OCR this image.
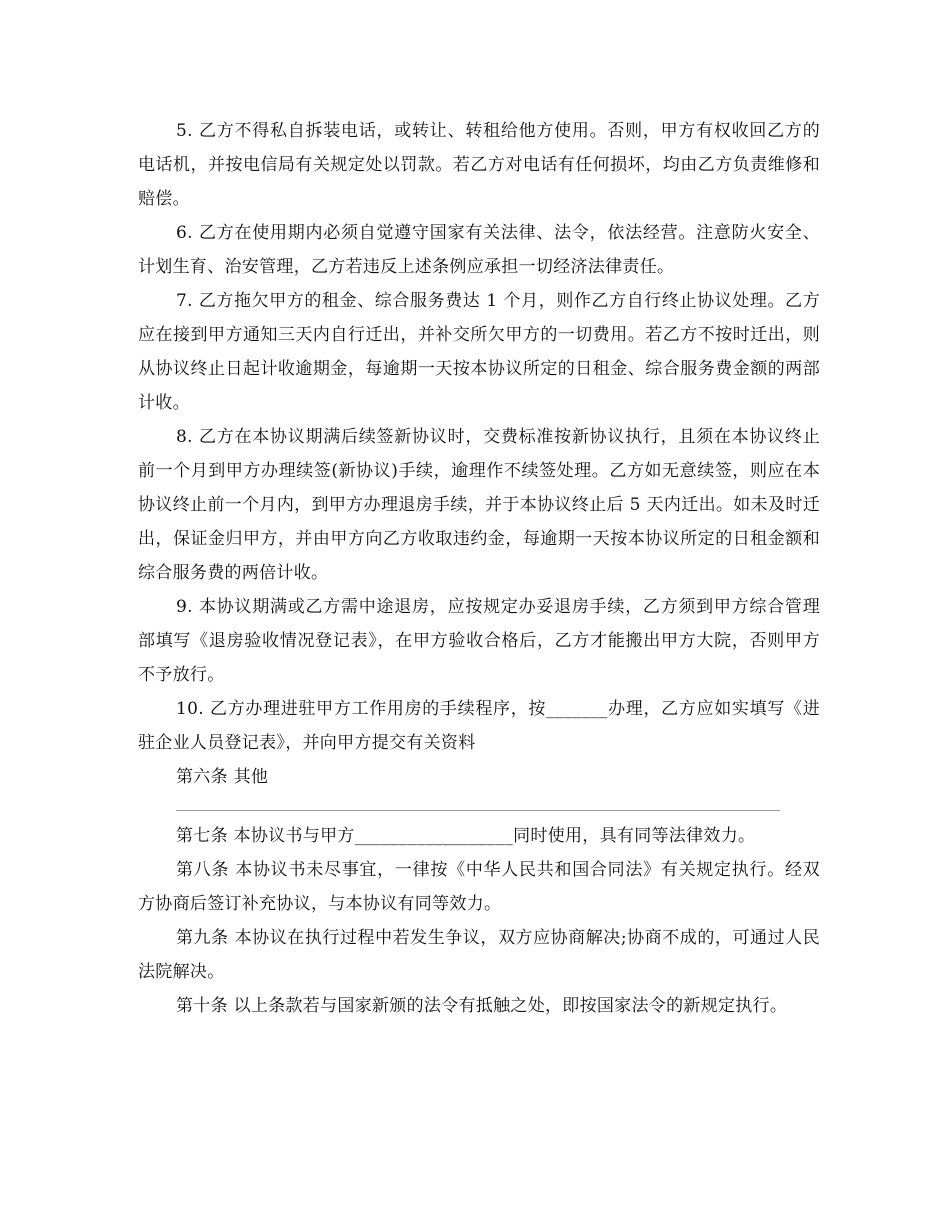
5. 乙方不得私自拆装电话，或转让、转租给他方使用。否则，甲方有权收回乙方的电话机，并按电信局有关规定处以罚款。若乙方对电话有任何损坏，均由乙方负责维修和赔偿。

6. 乙方在使用期内必须自觉遵守国家有关法律、法令，依法经营。注意防火安全、计划生育、治安管理，乙方若违反上述条例应承担一切经济法律责任。

7. 乙方拖欠甲方的租金、综合服务费达 1 个月，则作乙方自行终止协议处理。乙方应在接到甲方通知三天内自行迁出，并补交所欠甲方的一切费用。若乙方不按时迁出，则从协议终止日起计收逾期金，每逾期一天按本协议所定的日租金、综合服务费金额的两部计收。

8. 乙方在本协议期满后续签新协议时，交费标准按新协议执行，且须在本协议终止前一个月到甲方办理续签(新协议)手续，逾理作不续签处理。乙方如无意续签，则应在本协议终止前一个月内，到甲方办理退房手续，并于本协议终止后 5 天内迁出。如未及时迁出，保证金归甲方，并由甲方向乙方收取违约金，每逾期一天按本协议所定的日租金额和综合服务费的两倍计收。

9. 本协议期满或乙方需中途退房，应按规定办妥退房手续，乙方须到甲方综合管理部填写《退房验收情况登记表》，在甲方验收合格后，乙方才能搬出甲方大院，否则甲方不予放行。

10. 乙方办理进驻甲方工作用房的手续程序，按_______办理，乙方应如实填写《进驻企业人员登记表》，并向甲方提交有关资料

第六条 其他

第七条 本协议书与甲方__________________同时使用，具有同等法律效力。

第八条 本协议书未尽事宜，一律按《中华人民共和国合同法》有关规定执行。经双方协商后签订补充协议，与本协议有同等效力。

第九条 本协议在执行过程中若发生争议，双方应协商解决;协商不成的，可通过人民法院解决。

第十条 以上条款若与国家新颁的法令有抵触之处，即按国家法令的新规定执行。
